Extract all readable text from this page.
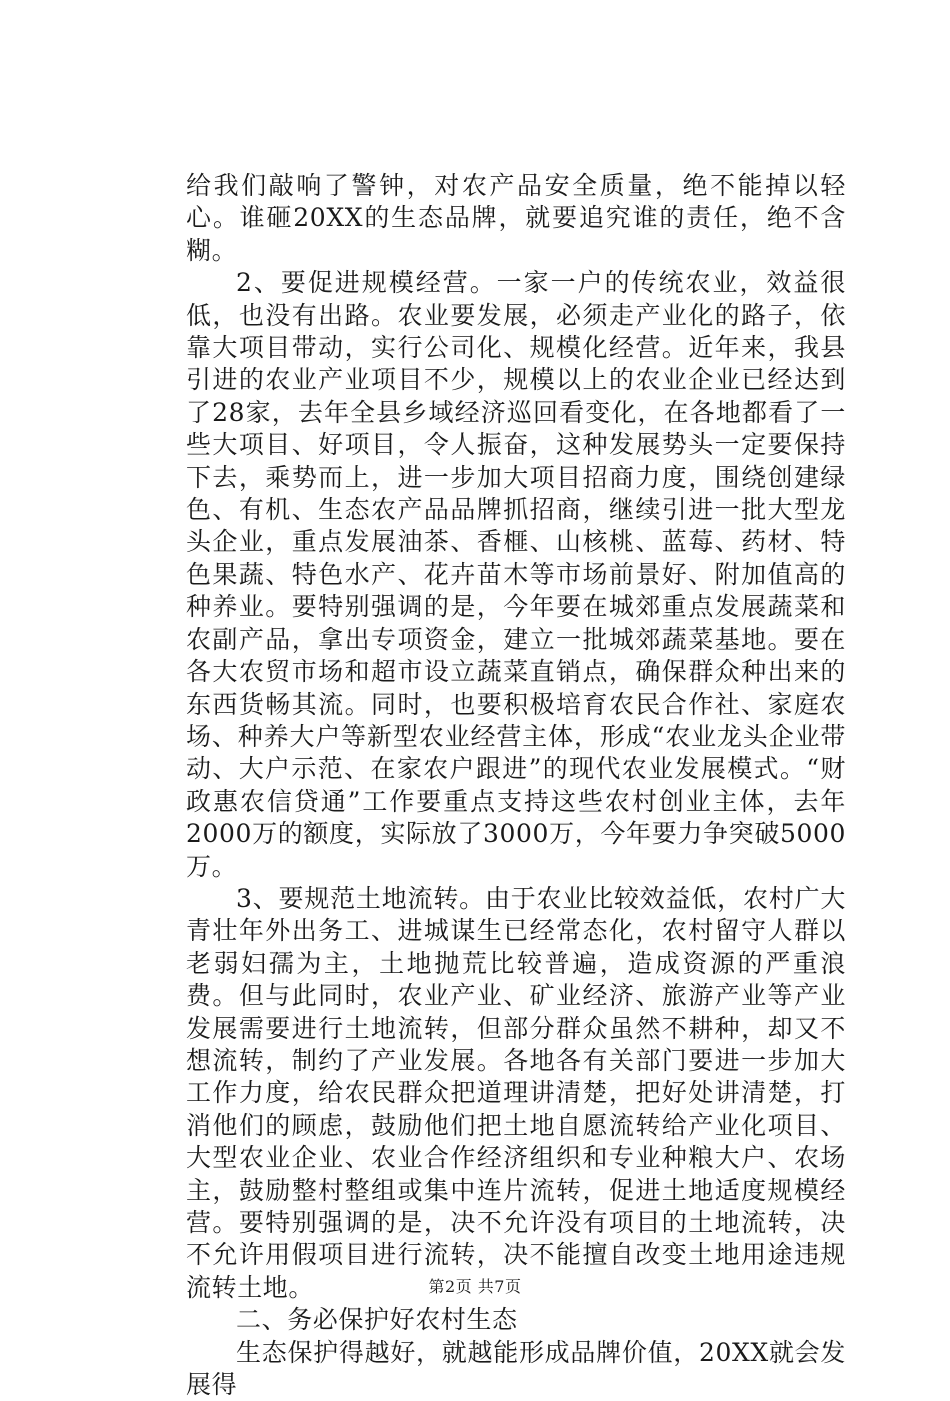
给我们敲响了警钟，对农产品安全质量，绝不能掉以轻心。谁砸20XX的生态品牌，就要追究谁的责任，绝不含糊。

2、要促进规模经营。一家一户的传统农业，效益很低，也没有出路。农业要发展，必须走产业化的路子，依靠大项目带动，实行公司化、规模化经营。近年来，我县引进的农业产业项目不少，规模以上的农业企业已经达到了28家，去年全县乡域经济巡回看变化，在各地都看了一些大项目、好项目，令人振奋，这种发展势头一定要保持下去，乘势而上，进一步加大项目招商力度，围绕创建绿色、有机、生态农产品品牌抓招商，继续引进一批大型龙头企业，重点发展油茶、香榧、山核桃、蓝莓、药材、特色果蔬、特色水产、花卉苗木等市场前景好、附加值高的种养业。要特别强调的是，今年要在城郊重点发展蔬菜和农副产品，拿出专项资金，建立一批城郊蔬菜基地。要在各大农贸市场和超市设立蔬菜直销点，确保群众种出来的东西货畅其流。同时，也要积极培育农民合作社、家庭农场、种养大户等新型农业经营主体，形成“农业龙头企业带动、大户示范、在家农户跟进”的现代农业发展模式。“财政惠农信贷通”工作要重点支持这些农村创业主体，去年2000万的额度，实际放了3000万，今年要力争突破5000万。

3、要规范土地流转。由于农业比较效益低，农村广大青壮年外出务工、进城谋生已经常态化，农村留守人群以老弱妇孺为主，土地抛荒比较普遍，造成资源的严重浪费。但与此同时，农业产业、矿业经济、旅游产业等产业发展需要进行土地流转，但部分群众虽然不耕种，却又不想流转，制约了产业发展。各地各有关部门要进一步加大工作力度，给农民群众把道理讲清楚，把好处讲清楚，打消他们的顾虑，鼓励他们把土地自愿流转给产业化项目、大型农业企业、农业合作经济组织和专业种粮大户、农场主，鼓励整村整组或集中连片流转，促进土地适度规模经营。要特别强调的是，决不允许没有项目的土地流转，决不允许用假项目进行流转，决不能擅自改变土地用途违规流转土地。

二、务必保护好农村生态

生态保护得越好，就越能形成品牌价值，20XX就会发展得

第2页 共7页
